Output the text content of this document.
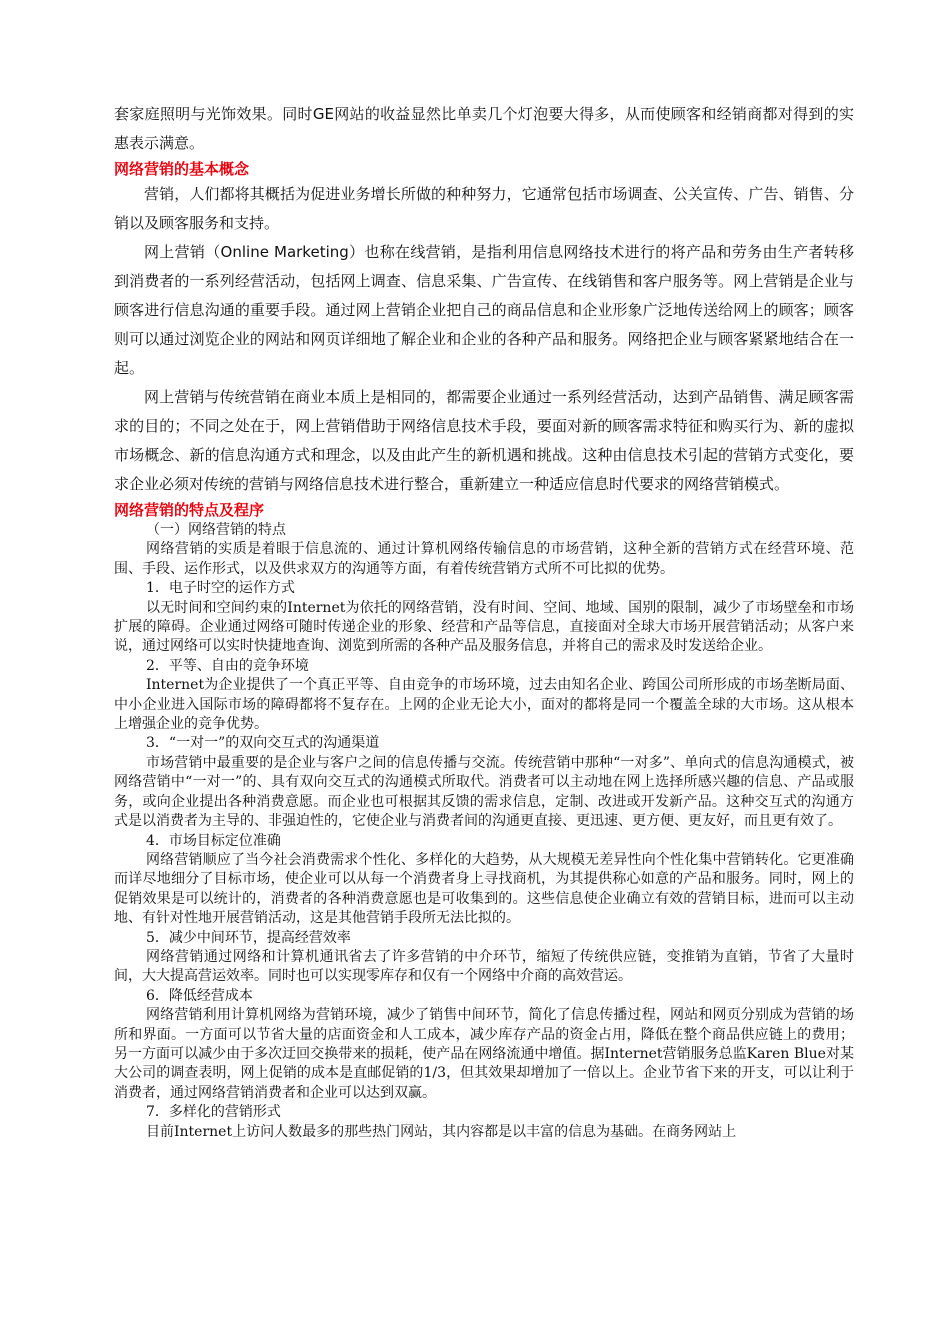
套家庭照明与光饰效果。同时GE网站的收益显然比单卖几个灯泡要大得多，从而使顾客和经销商都对得到的实惠表示满意。

网络营销的基本概念

营销，人们都将其概括为促进业务增长所做的种种努力，它通常包括市场调查、公关宣传、广告、销售、分销以及顾客服务和支持。

网上营销（Online Marketing）也称在线营销，是指利用信息网络技术进行的将产品和劳务由生产者转移到消费者的一系列经营活动，包括网上调查、信息采集、广告宣传、在线销售和客户服务等。网上营销是企业与顾客进行信息沟通的重要手段。通过网上营销企业把自己的商品信息和企业形象广泛地传送给网上的顾客；顾客则可以通过浏览企业的网站和网页详细地了解企业和企业的各种产品和服务。网络把企业与顾客紧紧地结合在一起。

网上营销与传统营销在商业本质上是相同的，都需要企业通过一系列经营活动，达到产品销售、满足顾客需求的目的；不同之处在于，网上营销借助于网络信息技术手段，要面对新的顾客需求特征和购买行为、新的虚拟市场概念、新的信息沟通方式和理念，以及由此产生的新机遇和挑战。这种由信息技术引起的营销方式变化，要求企业必须对传统的营销与网络信息技术进行整合，重新建立一种适应信息时代要求的网络营销模式。

网络营销的特点及程序

（一）网络营销的特点

网络营销的实质是着眼于信息流的、通过计算机网络传输信息的市场营销，这种全新的营销方式在经营环境、范围、手段、运作形式，以及供求双方的沟通等方面，有着传统营销方式所不可比拟的优势。

1．电子时空的运作方式

以无时间和空间约束的Internet为依托的网络营销，没有时间、空间、地域、国别的限制，减少了市场壁垒和市场扩展的障碍。企业通过网络可随时传递企业的形象、经营和产品等信息，直接面对全球大市场开展营销活动；从客户来说，通过网络可以实时快捷地查询、浏览到所需的各种产品及服务信息，并将自己的需求及时发送给企业。

2．平等、自由的竞争环境

Internet为企业提供了一个真正平等、自由竞争的市场环境，过去由知名企业、跨国公司所形成的市场垄断局面、中小企业进入国际市场的障碍都将不复存在。上网的企业无论大小，面对的都将是同一个覆盖全球的大市场。这从根本上增强企业的竞争优势。

3．“一对一”的双向交互式的沟通渠道

市场营销中最重要的是企业与客户之间的信息传播与交流。传统营销中那种“一对多”、单向式的信息沟通模式，被网络营销中“一对一”的、具有双向交互式的沟通模式所取代。消费者可以主动地在网上选择所感兴趣的信息、产品或服务，或向企业提出各种消费意愿。而企业也可根据其反馈的需求信息，定制、改进或开发新产品。这种交互式的沟通方式是以消费者为主导的、非强迫性的，它使企业与消费者间的沟通更直接、更迅速、更方便、更友好，而且更有效了。

4．市场目标定位准确

网络营销顺应了当今社会消费需求个性化、多样化的大趋势，从大规模无差异性向个性化集中营销转化。它更准确而详尽地细分了目标市场，使企业可以从每一个消费者身上寻找商机，为其提供称心如意的产品和服务。同时，网上的促销效果是可以统计的，消费者的各种消费意愿也是可收集到的。这些信息使企业确立有效的营销目标，进而可以主动地、有针对性地开展营销活动，这是其他营销手段所无法比拟的。

5．减少中间环节，提高经营效率

网络营销通过网络和计算机通讯省去了许多营销的中介环节，缩短了传统供应链，变推销为直销，节省了大量时间，大大提高营运效率。同时也可以实现零库存和仅有一个网络中介商的高效营运。

6．降低经营成本

网络营销利用计算机网络为营销环境，减少了销售中间环节，简化了信息传播过程，网站和网页分别成为营销的场所和界面。一方面可以节省大量的店面资金和人工成本，减少库存产品的资金占用，降低在整个商品供应链上的费用；另一方面可以减少由于多次迂回交换带来的损耗，使产品在网络流通中增值。据Internet营销服务总监Karen Blue对某大公司的调查表明，网上促销的成本是直邮促销的1/3，但其效果却增加了一倍以上。企业节省下来的开支，可以让利于消费者，通过网络营销消费者和企业可以达到双赢。

7．多样化的营销形式

目前Internet上访问人数最多的那些热门网站，其内容都是以丰富的信息为基础。在商务网站上
